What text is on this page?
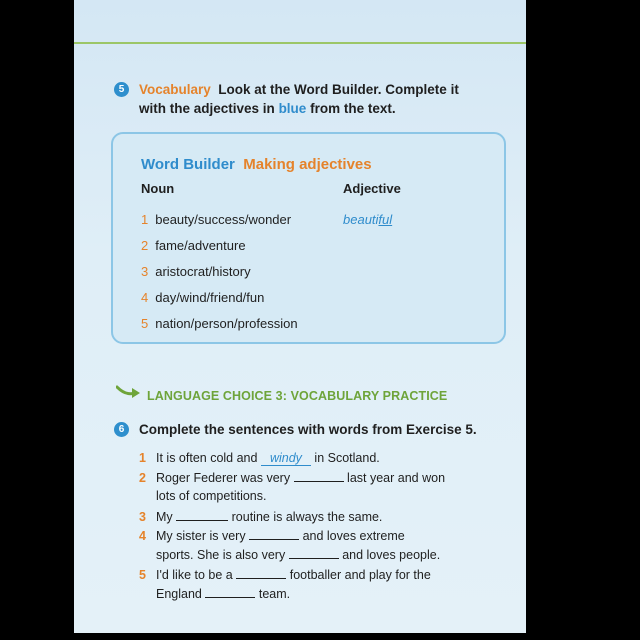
5	Vocabulary Look at the Word Builder. Complete it
with the adjectives in blue from the text.
Word Builder Making adjectives
Noun	Adjective
1 beauty/success/wonder	beautiful
2 fame/adventure
3 aristocrat/history
4 day/wind/friend/fun
5 nation/person/profession
LANGUAGE CHOICE 3: VOCABULARY PRACTICE
6	Complete the sentences with words from Exercise 5.
1 It is often cold and windy in Scotland.
2 Roger Federer was very	last year and won
lots of competitions.
3 My	routine is always the same.
4 My sister is very	and loves extreme
sports. She is also very	and loves people.
5 I'd like to be a	footballer and play for the
England	team.
